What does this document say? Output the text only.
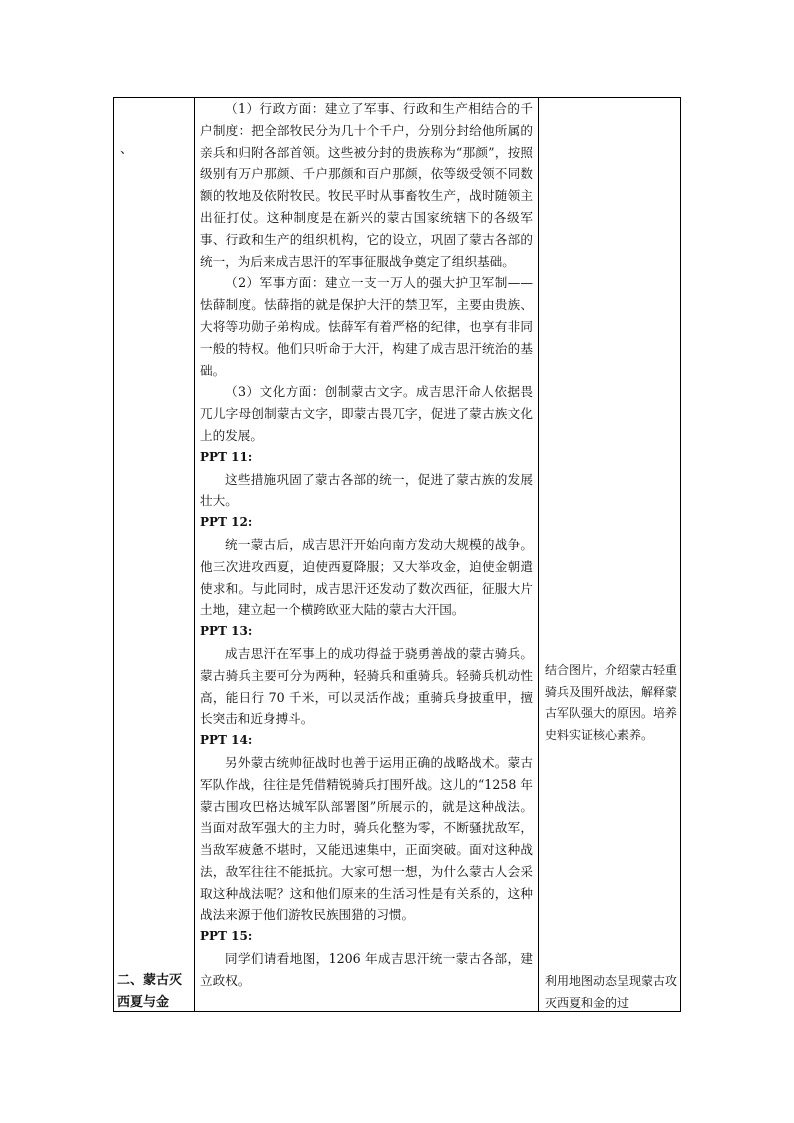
、
二、蒙古灭西夏与金

（1）行政方面：建立了军事、行政和生产相结合的千户制度：把全部牧民分为几十个千户，分别分封给他所属的亲兵和归附各部首领。这些被分封的贵族称为“那颜”，按照级别有万户那颜、千户那颜和百户那颜，依等级受领不同数额的牧地及依附牧民。牧民平时从事畜牧生产，战时随领主出征打仗。这种制度是在新兴的蒙古国家统辖下的各级军事、行政和生产的组织机构，它的设立，巩固了蒙古各部的统一，为后来成吉思汗的军事征服战争奠定了组织基础。

（2）军事方面：建立一支一万人的强大护卫军制——怯薛制度。怯薛指的就是保护大汗的禁卫军，主要由贵族、大将等功勋子弟构成。怯薛军有着严格的纪律，也享有非同一般的特权。他们只听命于大汗，构建了成吉思汗统治的基础。

（3）文化方面：创制蒙古文字。成吉思汗命人依据畏兀儿字母创制蒙古文字，即蒙古畏兀字，促进了蒙古族文化上的发展。

PPT 11:

这些措施巩固了蒙古各部的统一，促进了蒙古族的发展壮大。

PPT 12:

统一蒙古后，成吉思汗开始向南方发动大规模的战争。他三次进攻西夏，迫使西夏降服；又大举攻金，迫使金朝遣使求和。与此同时，成吉思汗还发动了数次西征，征服大片土地，建立起一个横跨欧亚大陆的蒙古大汗国。

PPT 13:

成吉思汗在军事上的成功得益于骁勇善战的蒙古骑兵。蒙古骑兵主要可分为两种，轻骑兵和重骑兵。轻骑兵机动性高，能日行 70 千米，可以灵活作战；重骑兵身披重甲，擅长突击和近身搏斗。

PPT 14:

另外蒙古统帅征战时也善于运用正确的战略战术。蒙古军队作战，往往是凭借精锐骑兵打围歼战。这儿的“1258 年蒙古围攻巴格达城军队部署图”所展示的，就是这种战法。当面对敌军强大的主力时，骑兵化整为零，不断骚扰敌军，当敌军疲惫不堪时，又能迅速集中，正面突破。面对这种战法，敌军往往不能抵抗。大家可想一想，为什么蒙古人会采取这种战法呢？这和他们原来的生活习性是有关系的，这种战法来源于他们游牧民族围猎的习惯。

PPT 15:

同学们请看地图，1206 年成吉思汗统一蒙古各部，建立政权。

结合图片，介绍蒙古轻重骑兵及围歼战法，解释蒙古军队强大的原因。培养史料实证核心素养。
利用地图动态呈现蒙古攻灭西夏和金的过
